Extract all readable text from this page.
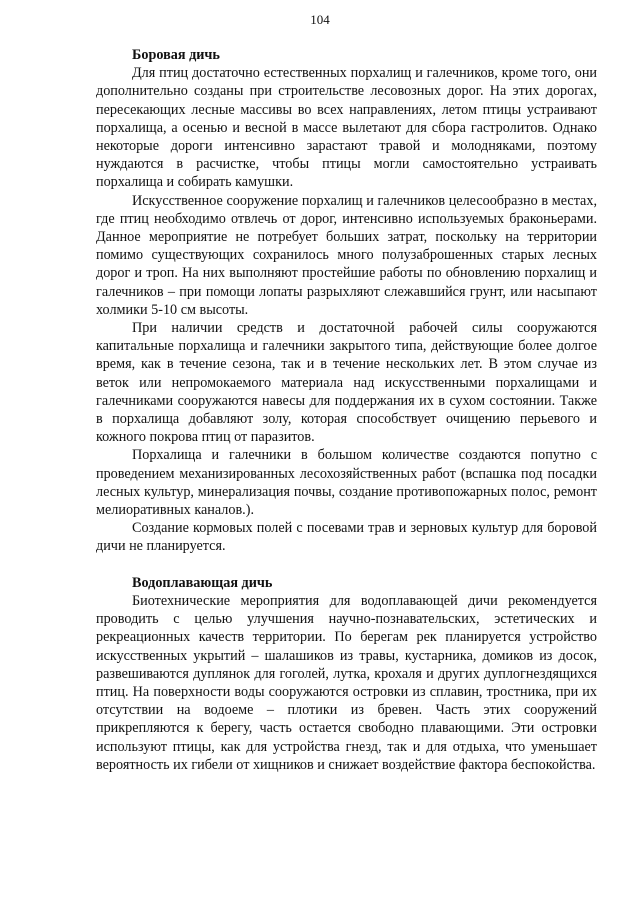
104

Боровая дичь

Для птиц достаточно естественных порхалищ и галечников, кроме того, они дополнительно созданы при строительстве лесовозных дорог. На этих дорогах, пересекающих лесные массивы во всех направлениях, летом птицы устраивают порхалища, а осенью и весной в массе вылетают для сбора гастролитов. Однако некоторые дороги интенсивно зарастают травой и молодняками, поэтому нуждаются в расчистке, чтобы птицы могли самостоятельно устраивать порхалища и собирать камушки.

Искусственное сооружение порхалищ и галечников целесообразно в местах, где птиц необходимо отвлечь от дорог, интенсивно используемых браконьерами. Данное мероприятие не потребует больших затрат, поскольку на территории помимо существующих сохранилось много полузаброшенных старых лесных дорог и троп. На них выполняют простейшие работы по обновлению порхалищ и галечников – при помощи лопаты разрыхляют слежавшийся грунт, или насыпают холмики 5-10 см высоты.

При наличии средств и достаточной рабочей силы сооружаются капитальные порхалища и галечники закрытого типа, действующие более долгое время, как в течение сезона, так и в течение нескольких лет. В этом случае из веток или непромокаемого материала над искусственными порхалищами и галечниками сооружаются навесы для поддержания их в сухом состоянии. Также в порхалища добавляют золу, которая способствует очищению перьевого и кожного покрова птиц от паразитов.

Порхалища и галечники в большом количестве создаются попутно с проведением механизированных лесохозяйственных работ (вспашка под посадки лесных культур, минерализация почвы, создание противопожарных полос, ремонт мелиоративных каналов.).

Создание кормовых полей с посевами трав и зерновых культур для боровой дичи не планируется.

Водоплавающая дичь

Биотехнические мероприятия для водоплавающей дичи рекомендуется проводить с целью улучшения научно-познавательских, эстетических и рекреационных качеств территории. По берегам рек планируется устройство искусственных укрытий – шалашиков из травы, кустарника, домиков из досок, развешиваются дуплянок для гоголей, лутка, крохаля и других дуплогнездящихся птиц. На поверхности воды сооружаются островки из сплавин, тростника, при их отсутствии на водоеме – плотики из бревен. Часть этих сооружений прикрепляются к берегу, часть остается свободно плавающими. Эти островки используют птицы, как для устройства гнезд, так и для отдыха, что уменьшает вероятность их гибели от хищников и снижает воздействие фактора беспокойства.
